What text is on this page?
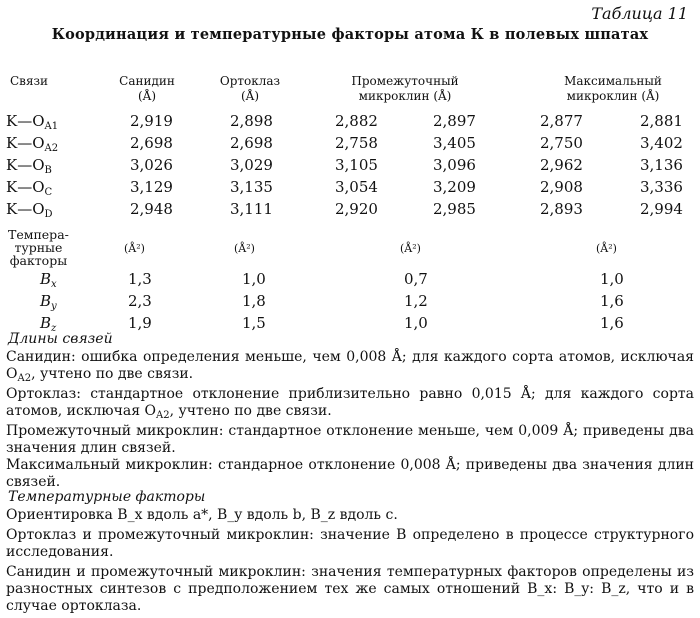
Таблица 11
Координация и температурные факторы атома К в полевых шпатах
Связи	Санидин
(Å)
Ортоклаз
(Å)
Промежуточный
микроклин (Å)
Максимальный
микроклин (Å)
$K—O_{A1}$	2,919	2,898	2,882	2,897	2,877	2,881
$K—O_{A2}$	2,698	2,698	2,758	3,405	2,750	3,402
$K—O_B$	3,026	3,029	3,105	3,096	2,962	3,136
$K—O_C$	3,129	3,135	3,054	3,209	2,908	3,336
$K—O_D$	2,948	3,111	2,920	2,985	2,893	2,994
Темпера-
турные
факторы
(Å²)	(Å²)	(Å²)	(Å²)
$B_x$	1,3	1,0	0,7	1,0
$B_y$	2,3	1,8	1,2	1,6
$B_z$	1,9	1,5	1,0	1,6
Длины связей
Санидин: ошибка определения меньше, чем 0,008 Å; для каждого сорта атомов, исключая $O_{A2}$, учтено по две связи.
Ортоклаз: стандартное отклонение приблизительно равно 0,015 Å; для каждого сорта атомов, исключая $O_{A2}$, учтено по две связи.
Промежуточный микроклин: стандартное отклонение меньше, чем 0,009 Å; приведены два значения длин связей.
Максимальный микроклин: стандарное отклонение 0,008 Å; приведены два значения длин связей.
Температурные факторы
Ориентировка B_x вдоль a*, B_y вдоль b, B_z вдоль c.
Ортоклаз и промежуточный микроклин: значение B определено в процессе структурного исследования.
Санидин и промежуточный микроклин: значения температурных факторов определены из разностных синтезов с предположением тех же самых отношений B_x: B_y: B_z, что и в случае ортоклаза.
